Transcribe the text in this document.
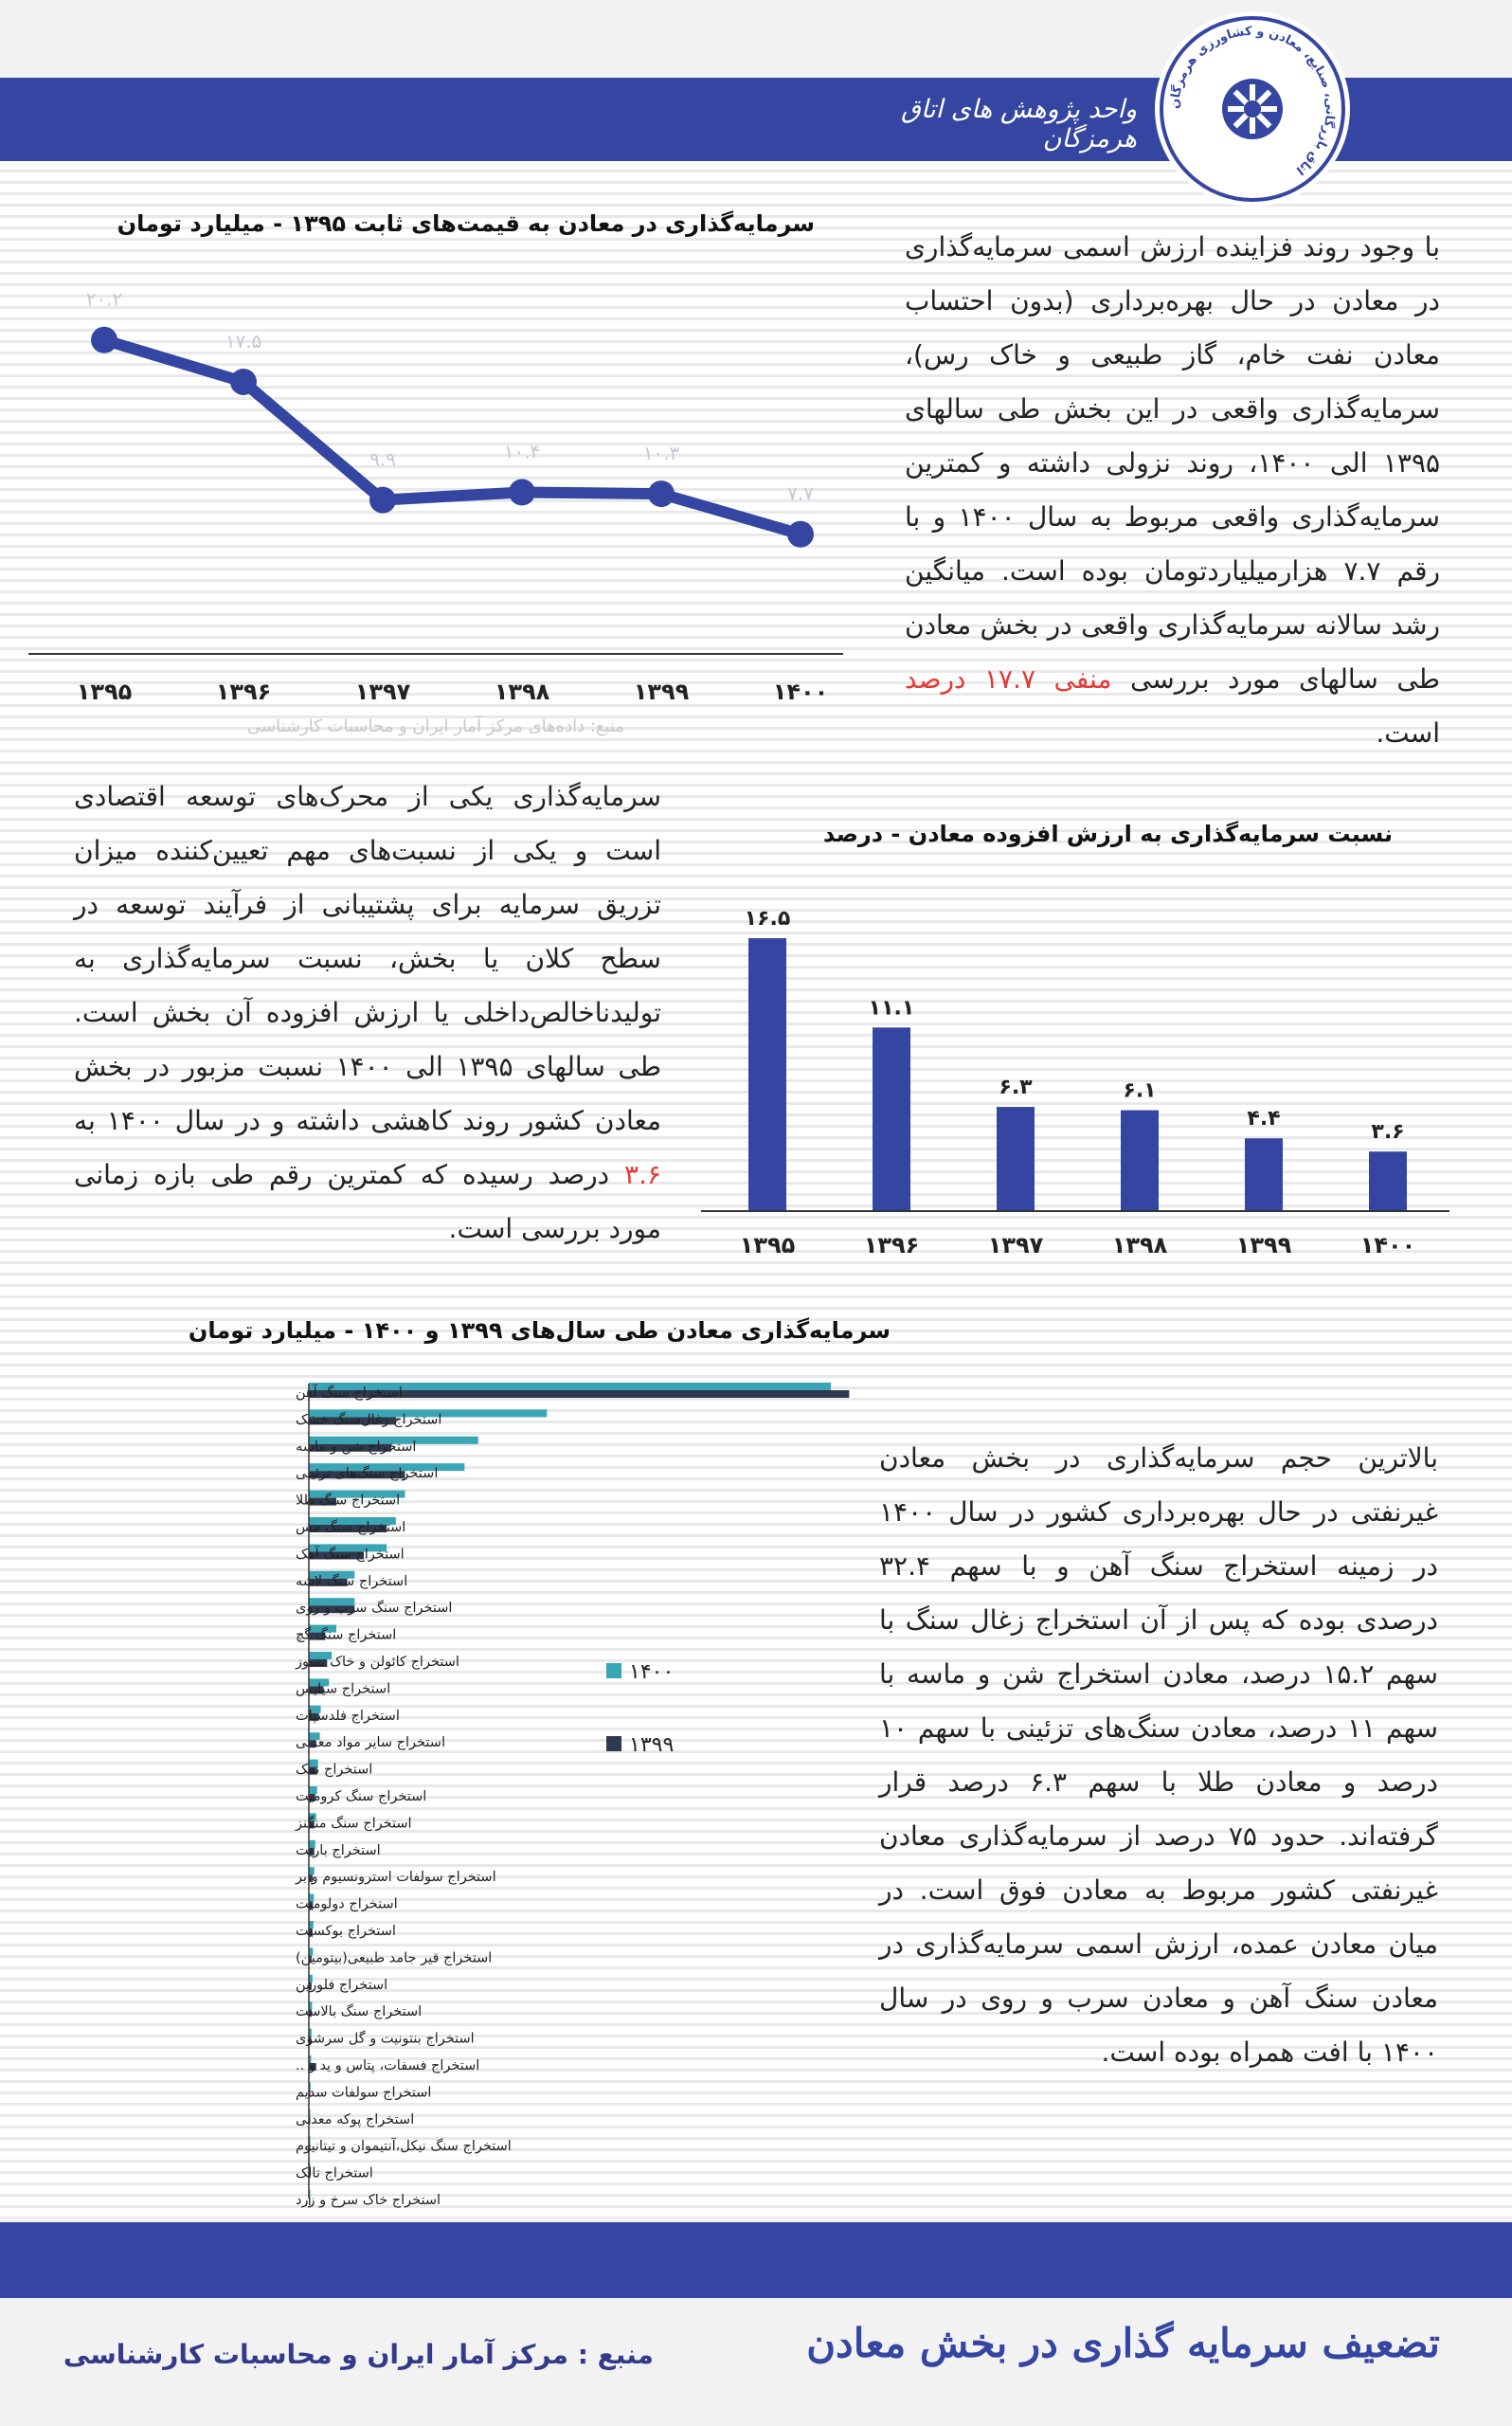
واحد پژوهش های اتاق هرمزگان
اتاق بازرگانی، صنایع، معادن و کشاورزی هرمزگان
با وجود روند فزاینده ارزش اسمی سرمایه‌گذاری در معادن در حال بهره‌برداری (بدون احتساب معادن نفت خام، گاز طبیعی و خاک رس)، سرمایه‌گذاری واقعی در این بخش طی سالهای ۱۳۹۵ الی ۱۴۰۰، روند نزولی داشته و کمترین سرمایه‌گذاری واقعی مربوط به سال ۱۴۰۰ و با رقم ۷.۷ هزارمیلیاردتومان بوده است. میانگین رشد سالانه سرمایه‌گذاری واقعی در بخش معادن طی سالهای مورد بررسی منفی ۱۷.۷ درصد است.
سرمایه‌گذاری در معادن به قیمت‌های ثابت ۱۳۹۵ - میلیارد تومان
۲۰.۲
۱۷.۵
۹.۹	۱۰.۴	۱۰.۳
۷.۷
۱۳۹۵	۱۳۹۶	۱۳۹۷	۱۳۹۸	۱۳۹۹	۱۴۰۰
منبع: داده‌های مرکز آمار ایران و محاسبات کارشناسی
نسبت سرمایه‌گذاری به ارزش افزوده معادن - درصد
۱۶.۵
۱۱.۱
۶.۳	۶.۱
۴.۴
۳.۶
۱۳۹۵	۱۳۹۶	۱۳۹۷	۱۳۹۸	۱۳۹۹	۱۴۰۰
سرمایه‌گذاری یکی از محرک‌های توسعه اقتصادی است و یکی از نسبت‌های مهم تعیین‌کننده میزان تزریق سرمایه برای پشتیبانی از فرآیند توسعه در سطح کلان یا بخش، نسبت سرمایه‌گذاری به تولیدناخالص‌داخلی یا ارزش افزوده آن بخش است. طی سالهای ۱۳۹۵ الی ۱۴۰۰ نسبت مزبور در بخش معادن کشور روند کاهشی داشته و در سال ۱۴۰۰ به ۳.۶ درصد رسیده که کمترین رقم طی بازه زمانی مورد بررسی است.
سرمایه‌گذاری معادن طی سال‌های ۱۳۹۹ و ۱۴۰۰ - میلیارد تومان
استخراج سنگ آهن
استخراج زغال‌سنگ خشک
استخراج شن و ماسه
استخراج سنگ‌های تزئینی
استخراج سنگ طلا
استخراج سنگ مس
استخراج سنگ آهک
استخراج سنگ لاشه
استخراج سنگ سرب و روی
استخراج سنگ گچ
استخراج کائولن و خاک نسوز
استخراج سیلیس
استخراج فلدسپات
استخراج سایر مواد معدنی
استخراج نمک
استخراج سنگ کرومیت
استخراج سنگ منگنز
استخراج باریت
استخراج سولفات استرونسیوم و بر
استخراج دولومیت
استخراج بوکسیت
استخراج قیر جامد طبیعی(بیتومین)
استخراج فلورین
استخراج سنگ بالاست
استخراج بنتونیت و گل سرشوی
استخراج فسفات، پتاس و ید و ..
استخراج سولفات سدیم
استخراج پوکه معدنی
استخراج سنگ نیکل،آنتیموان و تیتانیوم
استخراج تالک
استخراج خاک سرخ و زرد
۱۴۰۰
۱۳۹۹
بالاترین حجم سرمایه‌گذاری در بخش معادن غیرنفتی در حال بهره‌برداری کشور در سال ۱۴۰۰ در زمینه استخراج سنگ آهن و با سهم ۳۲.۴ درصدی بوده که پس از آن استخراج زغال سنگ با سهم ۱۵.۲ درصد، معادن استخراج شن و ماسه با سهم ۱۱ درصد، معادن سنگ‌های تزئینی با سهم ۱۰ درصد و معادن طلا با سهم ۶.۳ درصد قرار گرفته‌اند. حدود ۷۵ درصد از سرمایه‌گذاری معادن غیرنفتی کشور مربوط به معادن فوق است. در میان معادن عمده، ارزش اسمی سرمایه‌گذاری در معادن سنگ آهن و معادن سرب و روی در سال ۱۴۰۰ با افت همراه بوده است.
تضعیف سرمایه گذاری در بخش معادن
منبع : مرکز آمار ایران و محاسبات کارشناسی
